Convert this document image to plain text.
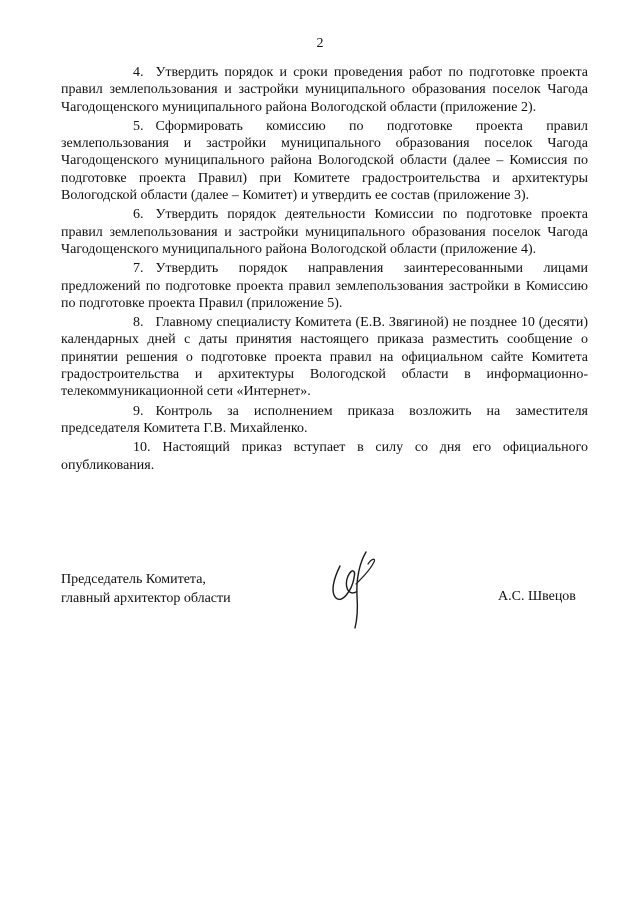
2

4. Утвердить порядок и сроки проведения работ по подготовке проекта правил землепользования и застройки муниципального образования поселок Чагода Чагодощенского муниципального района Вологодской области (приложение 2).

5. Сформировать комиссию по подготовке проекта правил землепользования и застройки муниципального образования поселок Чагода Чагодощенского муниципального района Вологодской области (далее – Комиссия по подготовке проекта Правил) при Комитете градостроительства и архитектуры Вологодской области (далее – Комитет) и утвердить ее состав (приложение 3).

6. Утвердить порядок деятельности Комиссии по подготовке проекта правил землепользования и застройки муниципального образования поселок Чагода Чагодощенского муниципального района Вологодской области (приложение 4).

7. Утвердить порядок направления заинтересованными лицами предложений по подготовке проекта правил землепользования застройки в Комиссию по подготовке проекта Правил (приложение 5).

8. Главному специалисту Комитета (Е.В. Звягиной) не позднее 10 (десяти) календарных дней с даты принятия настоящего приказа разместить сообщение о принятии решения о подготовке проекта правил на официальном сайте Комитета градостроительства и архитектуры Вологодской области в информационно-телекоммуникационной сети «Интернет».

9. Контроль за исполнением приказа возложить на заместителя председателя Комитета Г.В. Михайленко.

10. Настоящий приказ вступает в силу со дня его официального опубликования.

Председатель Комитета,
главный архитектор области	А.С. Швецов
